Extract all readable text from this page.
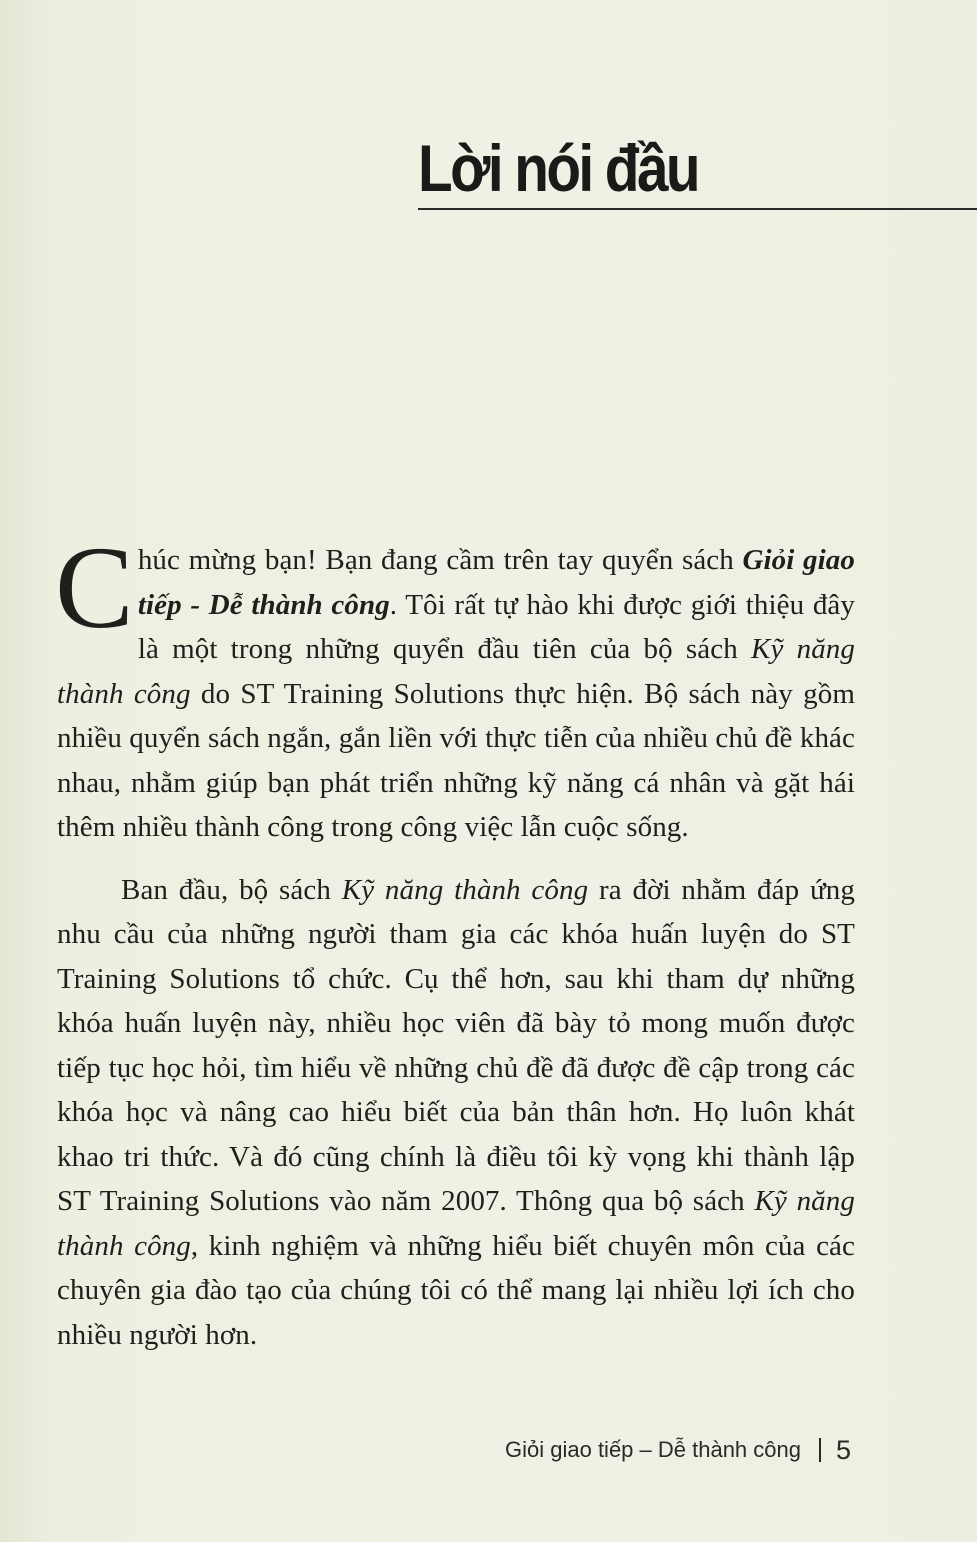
Lời nói đầu

Chúc mừng bạn! Bạn đang cầm trên tay quyển sách Giỏi giao tiếp - Dễ thành công. Tôi rất tự hào khi được giới thiệu đây là một trong những quyển đầu tiên của bộ sách Kỹ năng thành công do ST Training Solutions thực hiện. Bộ sách này gồm nhiều quyển sách ngắn, gắn liền với thực tiễn của nhiều chủ đề khác nhau, nhằm giúp bạn phát triển những kỹ năng cá nhân và gặt hái thêm nhiều thành công trong công việc lẫn cuộc sống.

Ban đầu, bộ sách Kỹ năng thành công ra đời nhằm đáp ứng nhu cầu của những người tham gia các khóa huấn luyện do ST Training Solutions tổ chức. Cụ thể hơn, sau khi tham dự những khóa huấn luyện này, nhiều học viên đã bày tỏ mong muốn được tiếp tục học hỏi, tìm hiểu về những chủ đề đã được đề cập trong các khóa học và nâng cao hiểu biết của bản thân hơn. Họ luôn khát khao tri thức. Và đó cũng chính là điều tôi kỳ vọng khi thành lập ST Training Solutions vào năm 2007. Thông qua bộ sách Kỹ năng thành công, kinh nghiệm và những hiểu biết chuyên môn của các chuyên gia đào tạo của chúng tôi có thể mang lại nhiều lợi ích cho nhiều người hơn.

Giỏi giao tiếp – Dễ thành công 5
